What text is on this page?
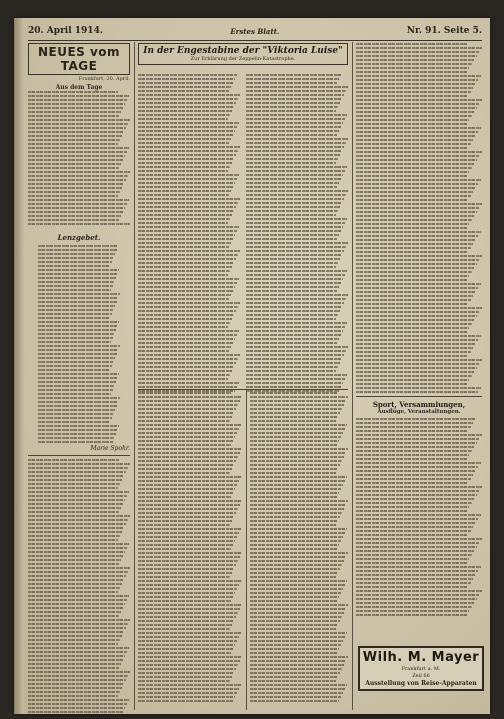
20. April 1914.	Erstes Blatt.	Nr. 91. Seite 5.
NEUES vom TAGE
Frankfurt, 20. April.
Aus dem Tage
Lenzgebet.
Marie Spohr.
In der Engestabine der "Viktoria Luise"
Zur Erklärung der Zeppelin-Katastrophe.
Sport, Versammlungen,
Ausflüge, Veranstaltungen.
Wilh. M. Mayer
Frankfurt a. M.
Zeil 66
Ausstellung von Reise-Apparaten
